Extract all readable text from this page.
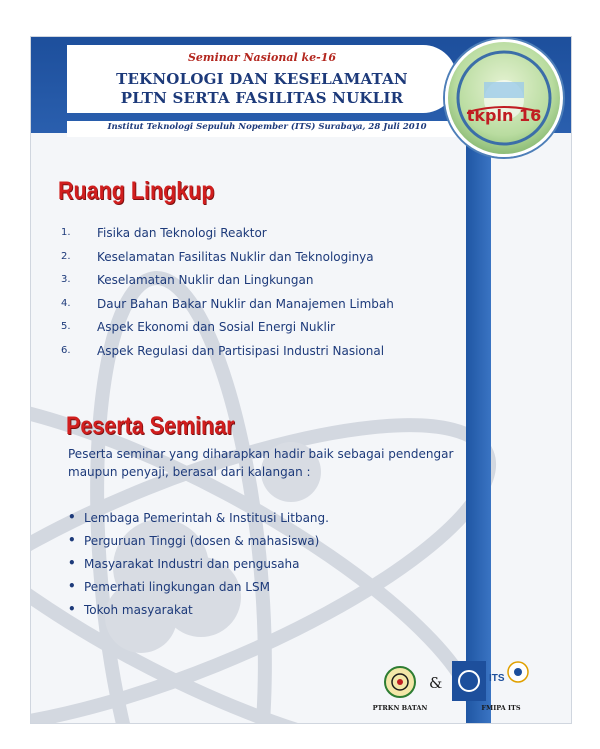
Seminar Nasional ke-16
TEKNOLOGI DAN KESELAMATAN
PLTN SERTA FASILITAS NUKLIR
Institut Teknologi Sepuluh Nopember (ITS) Surabaya, 28 Juli 2010
tkpln 16
Ruang Lingkup
1.	Fisika dan Teknologi Reaktor
2.	Keselamatan Fasilitas Nuklir dan Teknologinya
3.	Keselamatan Nuklir dan Lingkungan
4.	Daur Bahan Bakar Nuklir dan Manajemen Limbah
5.	Aspek Ekonomi dan Sosial Energi Nuklir
6.	Aspek Regulasi dan Partisipasi Industri Nasional
Peserta Seminar
Peserta seminar yang diharapkan hadir baik sebagai pendengar
maupun penyaji, berasal dari kalangan :
• Lembaga Pemerintah & Institusi Litbang.
• Perguruan Tinggi (dosen & mahasiswa)
• Masyarakat Industri dan pengusaha
• Pemerhati lingkungan dan LSM
• Tokoh masyarakat
PTRKN BATAN
&	ITS
FMIPA ITS
